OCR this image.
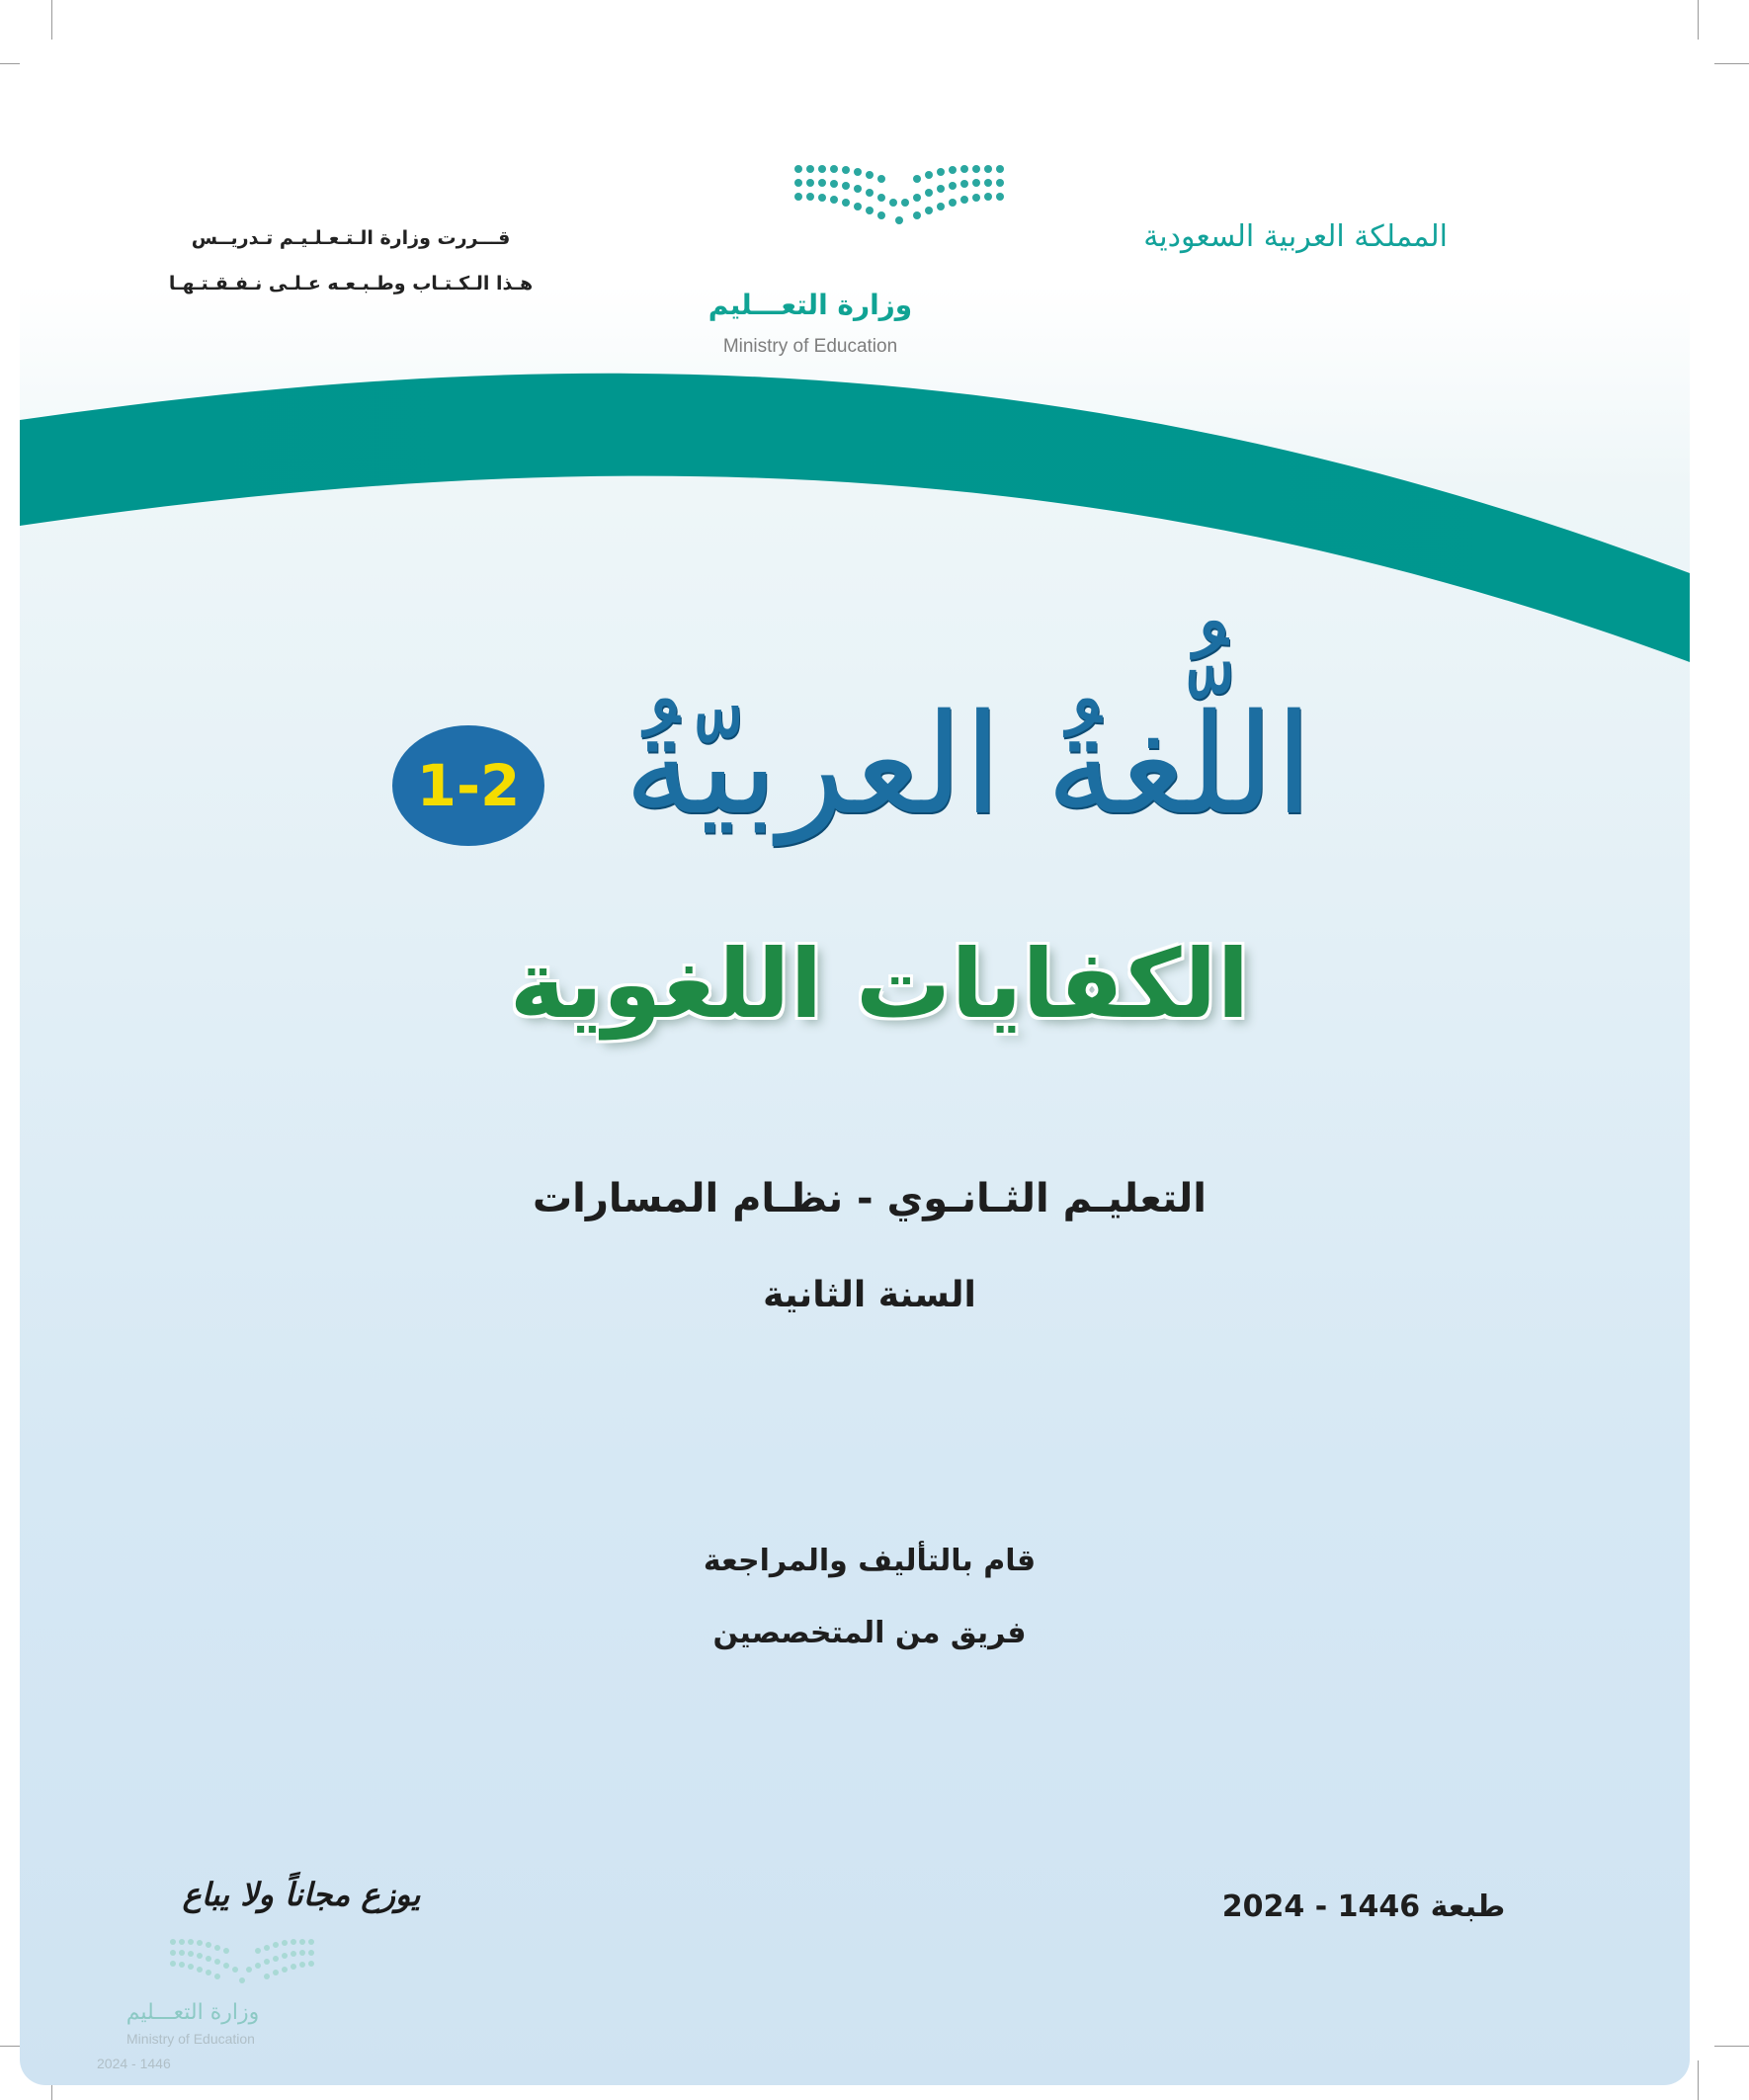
المملكة العربية السعودية
قـــررت وزارة الـتـعـلـيـم تـدريــس
هـذا الـكـتـاب وطـبـعـه عـلـى نـفـقـتـهـا
وزارة التعـــليم
Ministry of Education
اللُّغةُ العربيّةُ
1-2
الكفايات اللغوية
التعليـم الثـانـوي - نظـام المسارات
السنة الثانية
قام بالتأليف والمراجعة
فريق من المتخصصين
طبعة 1446 - 2024
يوزع مجاناً ولا يباع
وزارة التعـــليم
Ministry of Education
2024 - 1446
